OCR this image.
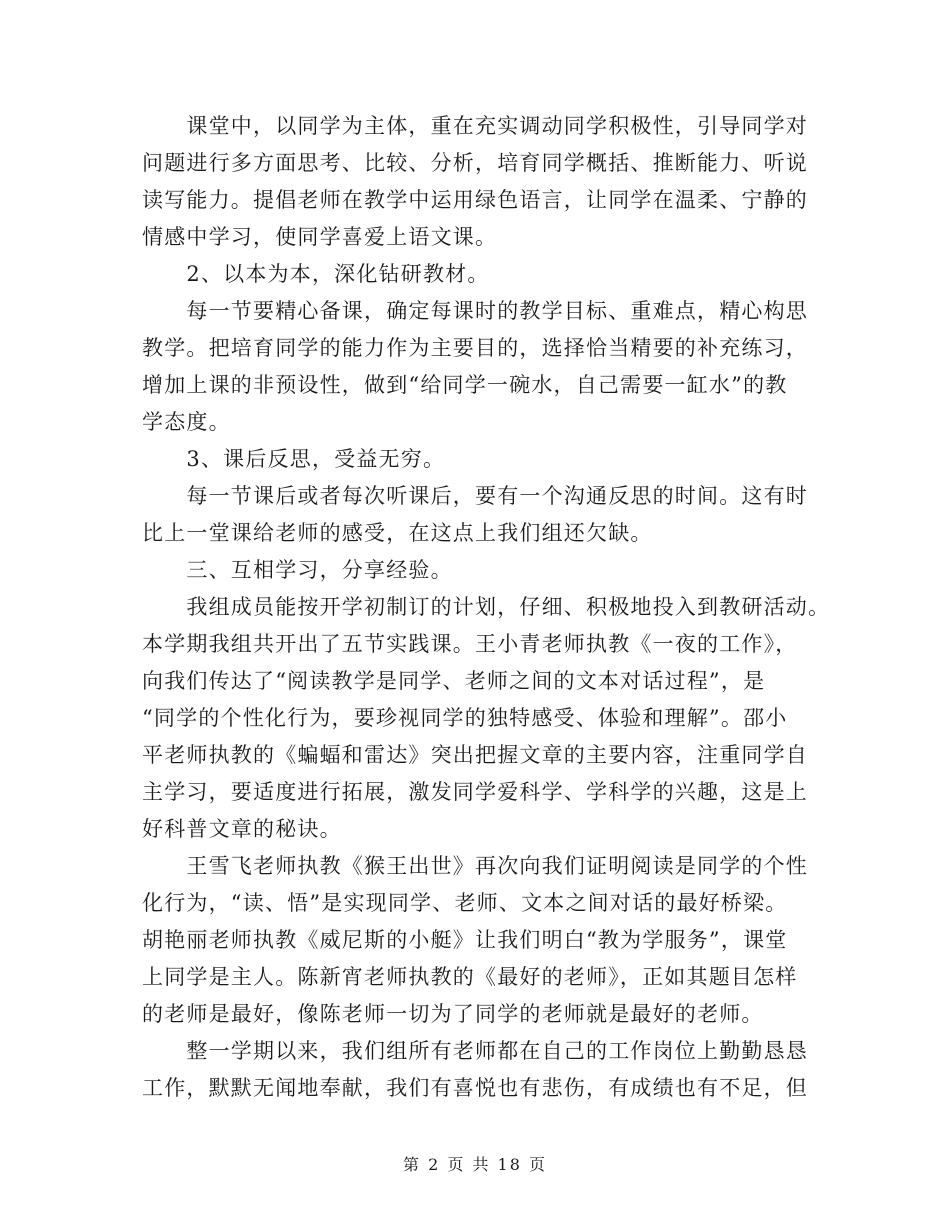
　　课堂中，以同学为主体，重在充实调动同学积极性，引导同学对
问题进行多方面思考、比较、分析，培育同学概括、推断能力、听说
读写能力。提倡老师在教学中运用绿色语言，让同学在温柔、宁静的
情感中学习，使同学喜爱上语文课。
　　2、以本为本，深化钻研教材。
　　每一节要精心备课，确定每课时的教学目标、重难点，精心构思
教学。把培育同学的能力作为主要目的，选择恰当精要的补充练习，
增加上课的非预设性，做到“给同学一碗水，自己需要一缸水”的教
学态度。
　　3、课后反思，受益无穷。
　　每一节课后或者每次听课后，要有一个沟通反思的时间。这有时
比上一堂课给老师的感受，在这点上我们组还欠缺。
　　三、互相学习，分享经验。
　　我组成员能按开学初制订的计划，仔细、积极地投入到教研活动。
本学期我组共开出了五节实践课。王小青老师执教《一夜的工作》，
向我们传达了“阅读教学是同学、老师之间的文本对话过程”，是
“同学的个性化行为，要珍视同学的独特感受、体验和理解”。邵小
平老师执教的《蝙蝠和雷达》突出把握文章的主要内容，注重同学自
主学习，要适度进行拓展，激发同学爱科学、学科学的兴趣，这是上
好科普文章的秘诀。
　　王雪飞老师执教《猴王出世》再次向我们证明阅读是同学的个性
化行为，“读、悟”是实现同学、老师、文本之间对话的最好桥梁。
胡艳丽老师执教《威尼斯的小艇》让我们明白“教为学服务”，课堂
上同学是主人。陈新宵老师执教的《最好的老师》，正如其题目怎样
的老师是最好，像陈老师一切为了同学的老师就是最好的老师。
　　整一学期以来，我们组所有老师都在自己的工作岗位上勤勤恳恳
工作，默默无闻地奉献，我们有喜悦也有悲伤，有成绩也有不足，但
第 2 页 共 18 页
